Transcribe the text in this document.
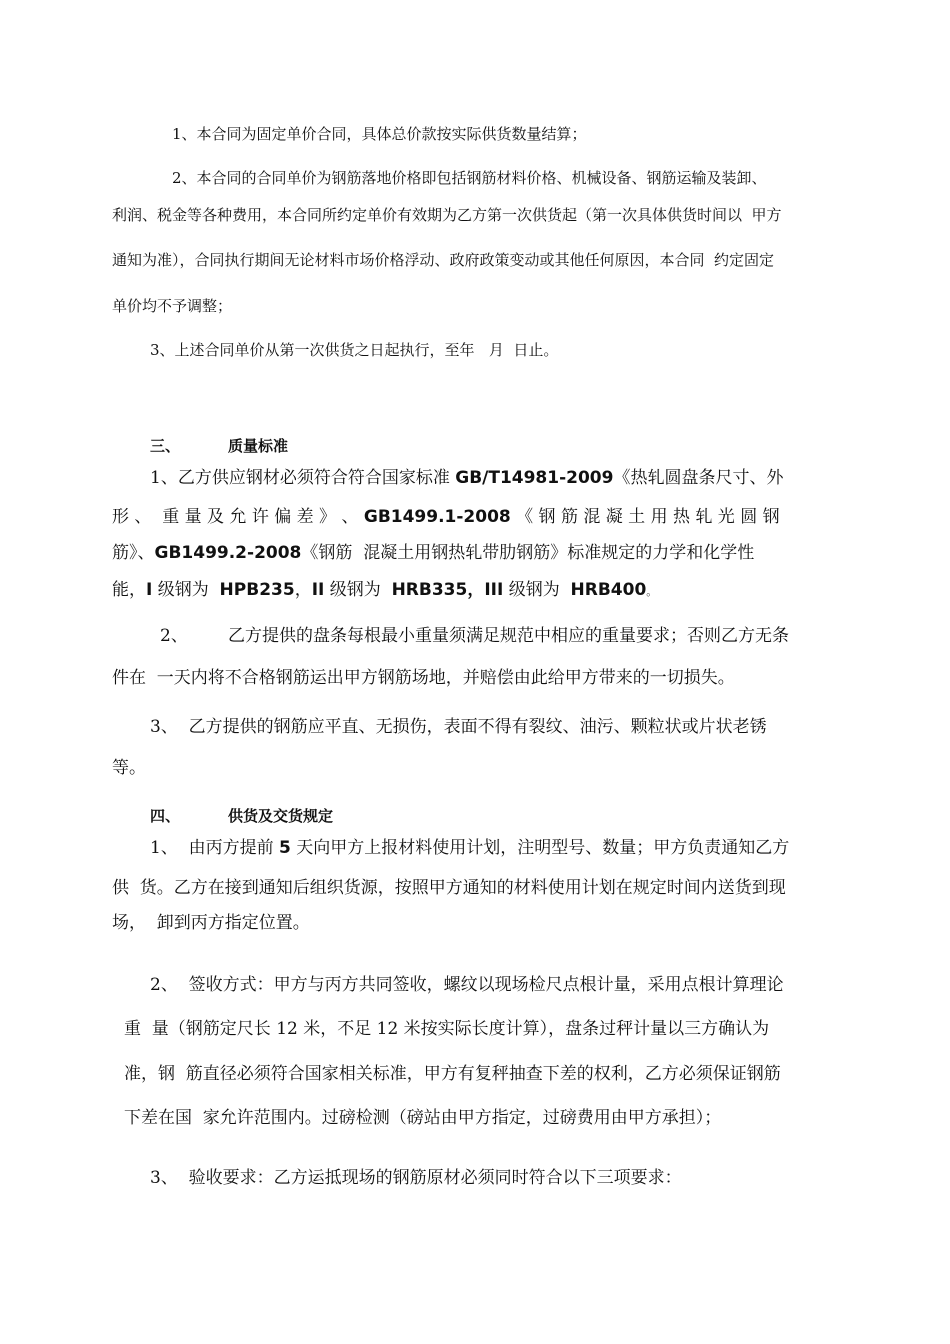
1、本合同为固定单价合同，具体总价款按实际供货数量结算；
2、本合同的合同单价为钢筋落地价格即包括钢筋材料价格、机械设备、钢筋运输及装卸、
利润、税金等各种费用，本合同所约定单价有效期为乙方第一次供货起（第一次具体供货时间以  甲方
通知为准），合同执行期间无论材料市场价格浮动、政府政策变动或其他任何原因，本合同  约定固定
单价均不予调整；
3、上述合同单价从第一次供货之日起执行，至年   月  日止。
三、	质量标准
1、乙方供应钢材必须符合符合国家标准 GB/T14981-2009《热轧圆盘条尺寸、外
形 、  重 量 及 允 许 偏 差 》 、 GB1499.1-2008 《 钢 筋 混 凝 土 用 热 轧 光 圆 钢
筋》、GB1499.2-2008《钢筋  混凝土用钢热轧带肋钢筋》标准规定的力学和化学性
能，I 级钢为  HPB235，II 级钢为  HRB335，III 级钢为  HRB400。
2、 乙方提供的盘条每根最小重量须满足规范中相应的重量要求；否则乙方无条
件在  一天内将不合格钢筋运出甲方钢筋场地，并赔偿由此给甲方带来的一切损失。
3、  乙方提供的钢筋应平直、无损伤，表面不得有裂纹、油污、颗粒状或片状老锈
等。
四、	供货及交货规定
1、  由丙方提前 5 天向甲方上报材料使用计划，注明型号、数量；甲方负责通知乙方
供  货。乙方在接到通知后组织货源，按照甲方通知的材料使用计划在规定时间内送货到现
场，  卸到丙方指定位置。
2、  签收方式：甲方与丙方共同签收，螺纹以现场检尺点根计量，采用点根计算理论
重  量（钢筋定尺长 12 米，不足 12 米按实际长度计算），盘条过秤计量以三方确认为
准，钢  筋直径必须符合国家相关标准，甲方有复秤抽查下差的权利，乙方必须保证钢筋
下差在国  家允许范围内。过磅检测（磅站由甲方指定，过磅费用由甲方承担）；
3、  验收要求：乙方运抵现场的钢筋原材必须同时符合以下三项要求：
